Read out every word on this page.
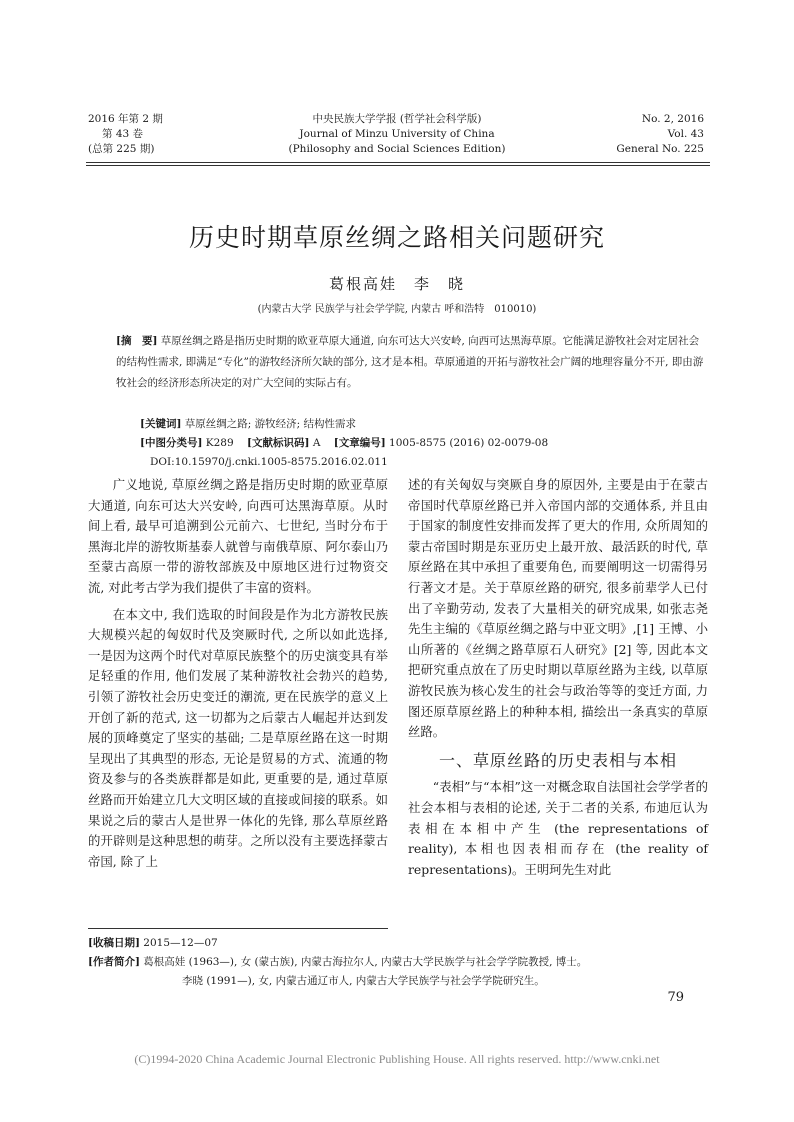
2016 年第 2 期
第 43 卷
(总第 225 期)
中央民族大学学报 (哲学社会科学版)
Journal of Minzu University of China
(Philosophy and Social Sciences Edition)
No. 2, 2016
Vol. 43
General No. 225
历史时期草原丝绸之路相关问题研究
葛根高娃　李　晓
(内蒙古大学 民族学与社会学学院, 内蒙古 呼和浩特　010010)
[摘　要] 草原丝绸之路是指历史时期的欧亚草原大通道, 向东可达大兴安岭, 向西可达黑海草原。它能满足游牧社会对定居社会的结构性需求, 即满足“专化”的游牧经济所欠缺的部分, 这才是本相。草原通道的开拓与游牧社会广阔的地理容量分不开, 即由游牧社会的经济形态所决定的对广大空间的实际占有。
[关键词] 草原丝绸之路; 游牧经济; 结构性需求
[中图分类号] K289 [文献标识码] A [文章编号] 1005-8575 (2016) 02-0079-08
DOI:10.15970/j.cnki.1005-8575.2016.02.011

广义地说, 草原丝绸之路是指历史时期的欧亚草原大通道, 向东可达大兴安岭, 向西可达黑海草原。从时间上看, 最早可追溯到公元前六、七世纪, 当时分布于黑海北岸的游牧斯基泰人就曾与南俄草原、阿尔泰山乃至蒙古高原一带的游牧部族及中原地区进行过物资交流, 对此考古学为我们提供了丰富的资料。

在本文中, 我们选取的时间段是作为北方游牧民族大规模兴起的匈奴时代及突厥时代, 之所以如此选择, 一是因为这两个时代对草原民族整个的历史演变具有举足轻重的作用, 他们发展了某种游牧社会勃兴的趋势, 引领了游牧社会历史变迁的潮流, 更在民族学的意义上开创了新的范式, 这一切都为之后蒙古人崛起并达到发展的顶峰奠定了坚实的基础; 二是草原丝路在这一时期呈现出了其典型的形态, 无论是贸易的方式、流通的物资及参与的各类族群都是如此, 更重要的是, 通过草原丝路而开始建立几大文明区域的直接或间接的联系。如果说之后的蒙古人是世界一体化的先锋, 那么草原丝路的开辟则是这种思想的萌芽。之所以没有主要选择蒙古帝国, 除了上

述的有关匈奴与突厥自身的原因外, 主要是由于在蒙古帝国时代草原丝路已并入帝国内部的交通体系, 并且由于国家的制度性安排而发挥了更大的作用, 众所周知的蒙古帝国时期是东亚历史上最开放、最活跃的时代, 草原丝路在其中承担了重要角色, 而要阐明这一切需得另行著文才是。关于草原丝路的研究, 很多前辈学人已付出了辛勤劳动, 发表了大量相关的研究成果, 如张志尧先生主编的《草原丝绸之路与中亚文明》,[1] 王博、小山所著的《丝绸之路草原石人研究》[2] 等, 因此本文把研究重点放在了历史时期以草原丝路为主线, 以草原游牧民族为核心发生的社会与政治等等的变迁方面, 力图还原草原丝路上的种种本相, 描绘出一条真实的草原丝路。

一、草原丝路的历史表相与本相

“表相”与“本相”这一对概念取自法国社会学学者的社会本相与表相的论述, 关于二者的关系, 布迪厄认为表相在本相中产生 (the representations of reality), 本相也因表相而存在 (the reality of representations)。王明珂先生对此

[收稿日期] 2015—12—07
[作者简介] 葛根高娃 (1963—), 女 (蒙古族), 内蒙古海拉尔人, 内蒙古大学民族学与社会学学院教授, 博士。
李晓 (1991—), 女, 内蒙古通辽市人, 内蒙古大学民族学与社会学学院研究生。
79
(C)1994-2020 China Academic Journal Electronic Publishing House. All rights reserved. http://www.cnki.net
